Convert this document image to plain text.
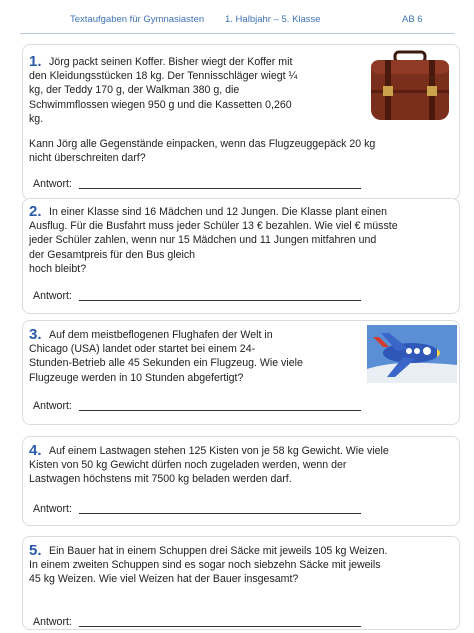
Textaufgaben für Gymnasiasten 1. Halbjahr – 5. Klasse	AB 6
1. Jörg packt seinen Koffer. Bisher wiegt der Koffer mit
den Kleidungsstücken 18 kg. Der Tennisschläger wiegt ¼
kg, der Teddy 170 g, der Walkman 380 g, die
Schwimmflossen wiegen 950 g und die Kassetten 0,260
kg.
Kann Jörg alle Gegenstände einpacken, wenn das Flugzeuggepäck 20 kg
nicht überschreiten darf?
Antwort:
2. In einer Klasse sind 16 Mädchen und 12 Jungen. Die Klasse plant einen
Ausflug. Für die Busfahrt muss jeder Schüler 13 € bezahlen. Wie viel € müsste
jeder Schüler zahlen, wenn nur 15 Mädchen und 11 Jungen mitfahren und
der Gesamtpreis für den Bus gleich
hoch bleibt?
Antwort:
3. Auf dem meistbeflogenen Flughafen der Welt in
Chicago (USA) landet oder startet bei einem 24-
Stunden-Betrieb alle 45 Sekunden ein Flugzeug. Wie viele
Flugzeuge werden in 10 Stunden abgefertigt?
Antwort:
4. Auf einem Lastwagen stehen 125 Kisten von je 58 kg Gewicht. Wie viele
Kisten von 50 kg Gewicht dürfen noch zugeladen werden, wenn der
Lastwagen höchstens mit 7500 kg beladen werden darf.
Antwort:
5. Ein Bauer hat in einem Schuppen drei Säcke mit jeweils 105 kg Weizen.
In einem zweiten Schuppen sind es sogar noch siebzehn Säcke mit jeweils
45 kg Weizen. Wie viel Weizen hat der Bauer insgesamt?
Antwort:
